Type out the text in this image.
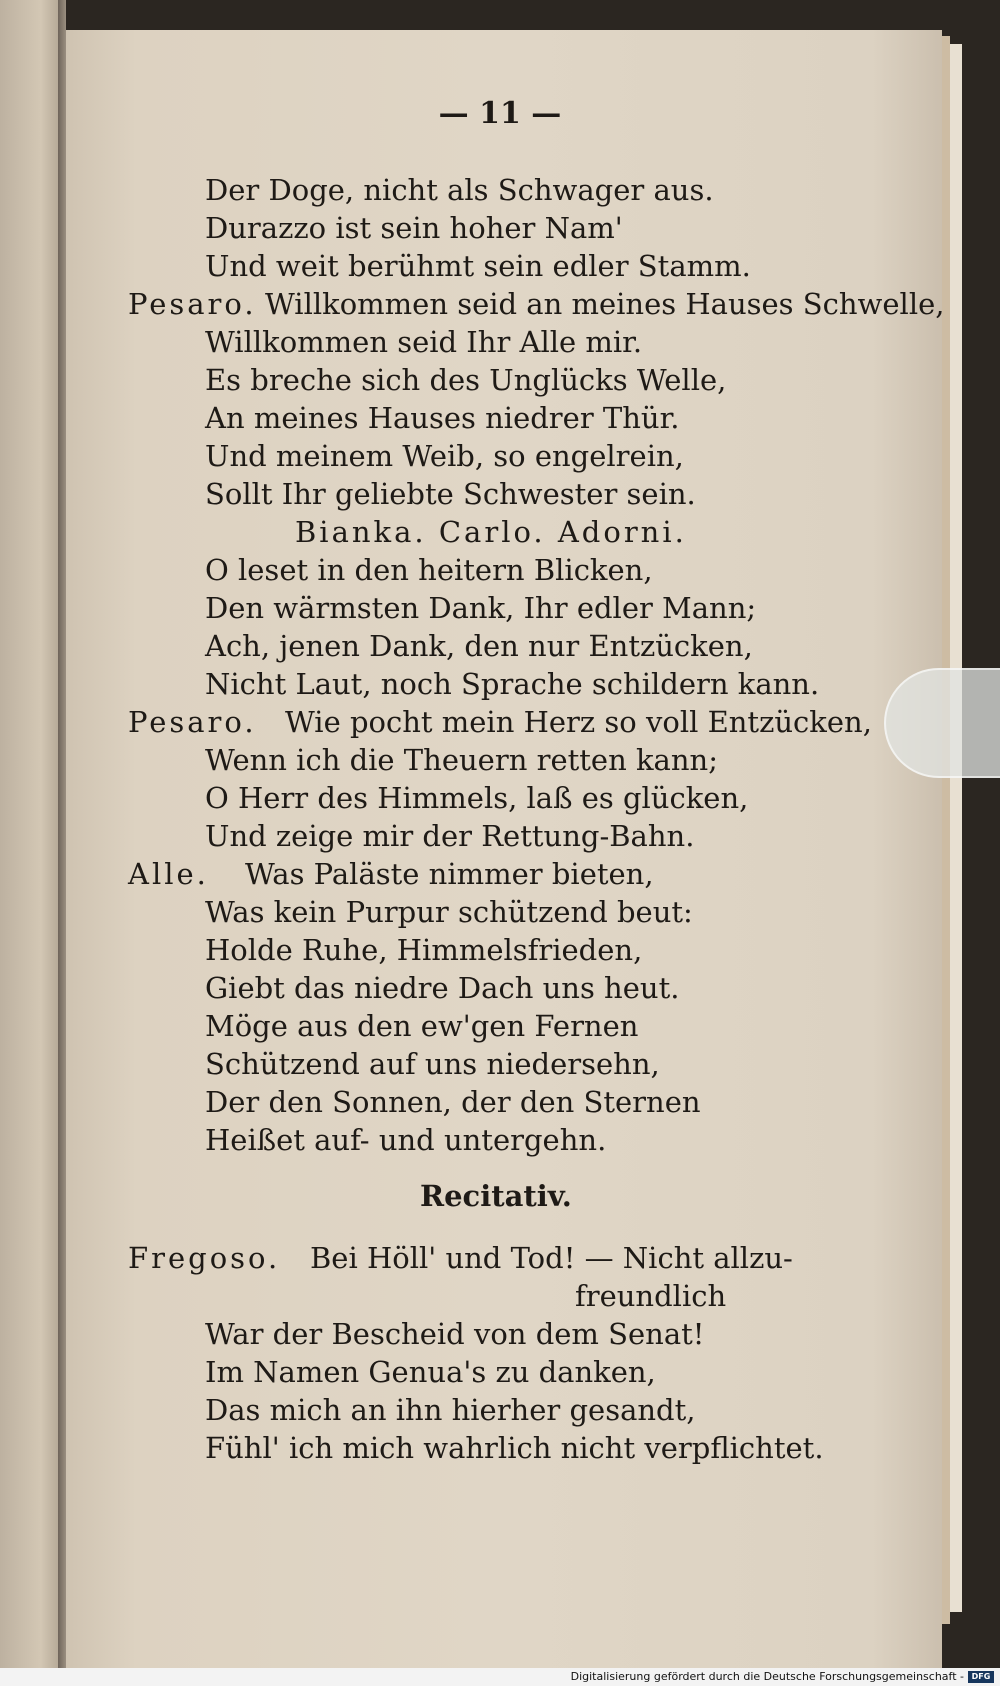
— 11 —
Der Doge, nicht als Schwager aus.
Durazzo ist sein hoher Nam'
Und weit berühmt sein edler Stamm.
Pesaro. Willkommen seid an meines Hauses Schwelle,
Willkommen seid Ihr Alle mir.
Es breche sich des Unglücks Welle,
An meines Hauses niedrer Thür.
Und meinem Weib, so engelrein,
Sollt Ihr geliebte Schwester sein.
Bianka. Carlo. Adorni.
O leset in den heitern Blicken,
Den wärmsten Dank, Ihr edler Mann;
Ach, jenen Dank, den nur Entzücken,
Nicht Laut, noch Sprache schildern kann.
Pesaro. Wie pocht mein Herz so voll Entzücken,
Wenn ich die Theuern retten kann;
O Herr des Himmels, laß es glücken,
Und zeige mir der Rettung-Bahn.
Alle. Was Paläste nimmer bieten,
Was kein Purpur schützend beut:
Holde Ruhe, Himmelsfrieden,
Giebt das niedre Dach uns heut.
Möge aus den ew'gen Fernen
Schützend auf uns niedersehn,
Der den Sonnen, der den Sternen
Heißet auf- und untergehn.
Recitativ.
Fregoso. Bei Höll' und Tod! — Nicht allzu-
freundlich
War der Bescheid von dem Senat!
Im Namen Genua's zu danken,
Das mich an ihn hierher gesandt,
Fühl' ich mich wahrlich nicht verpflichtet.
Digitalisierung gefördert durch die Deutsche Forschungsgemeinschaft - DFG
